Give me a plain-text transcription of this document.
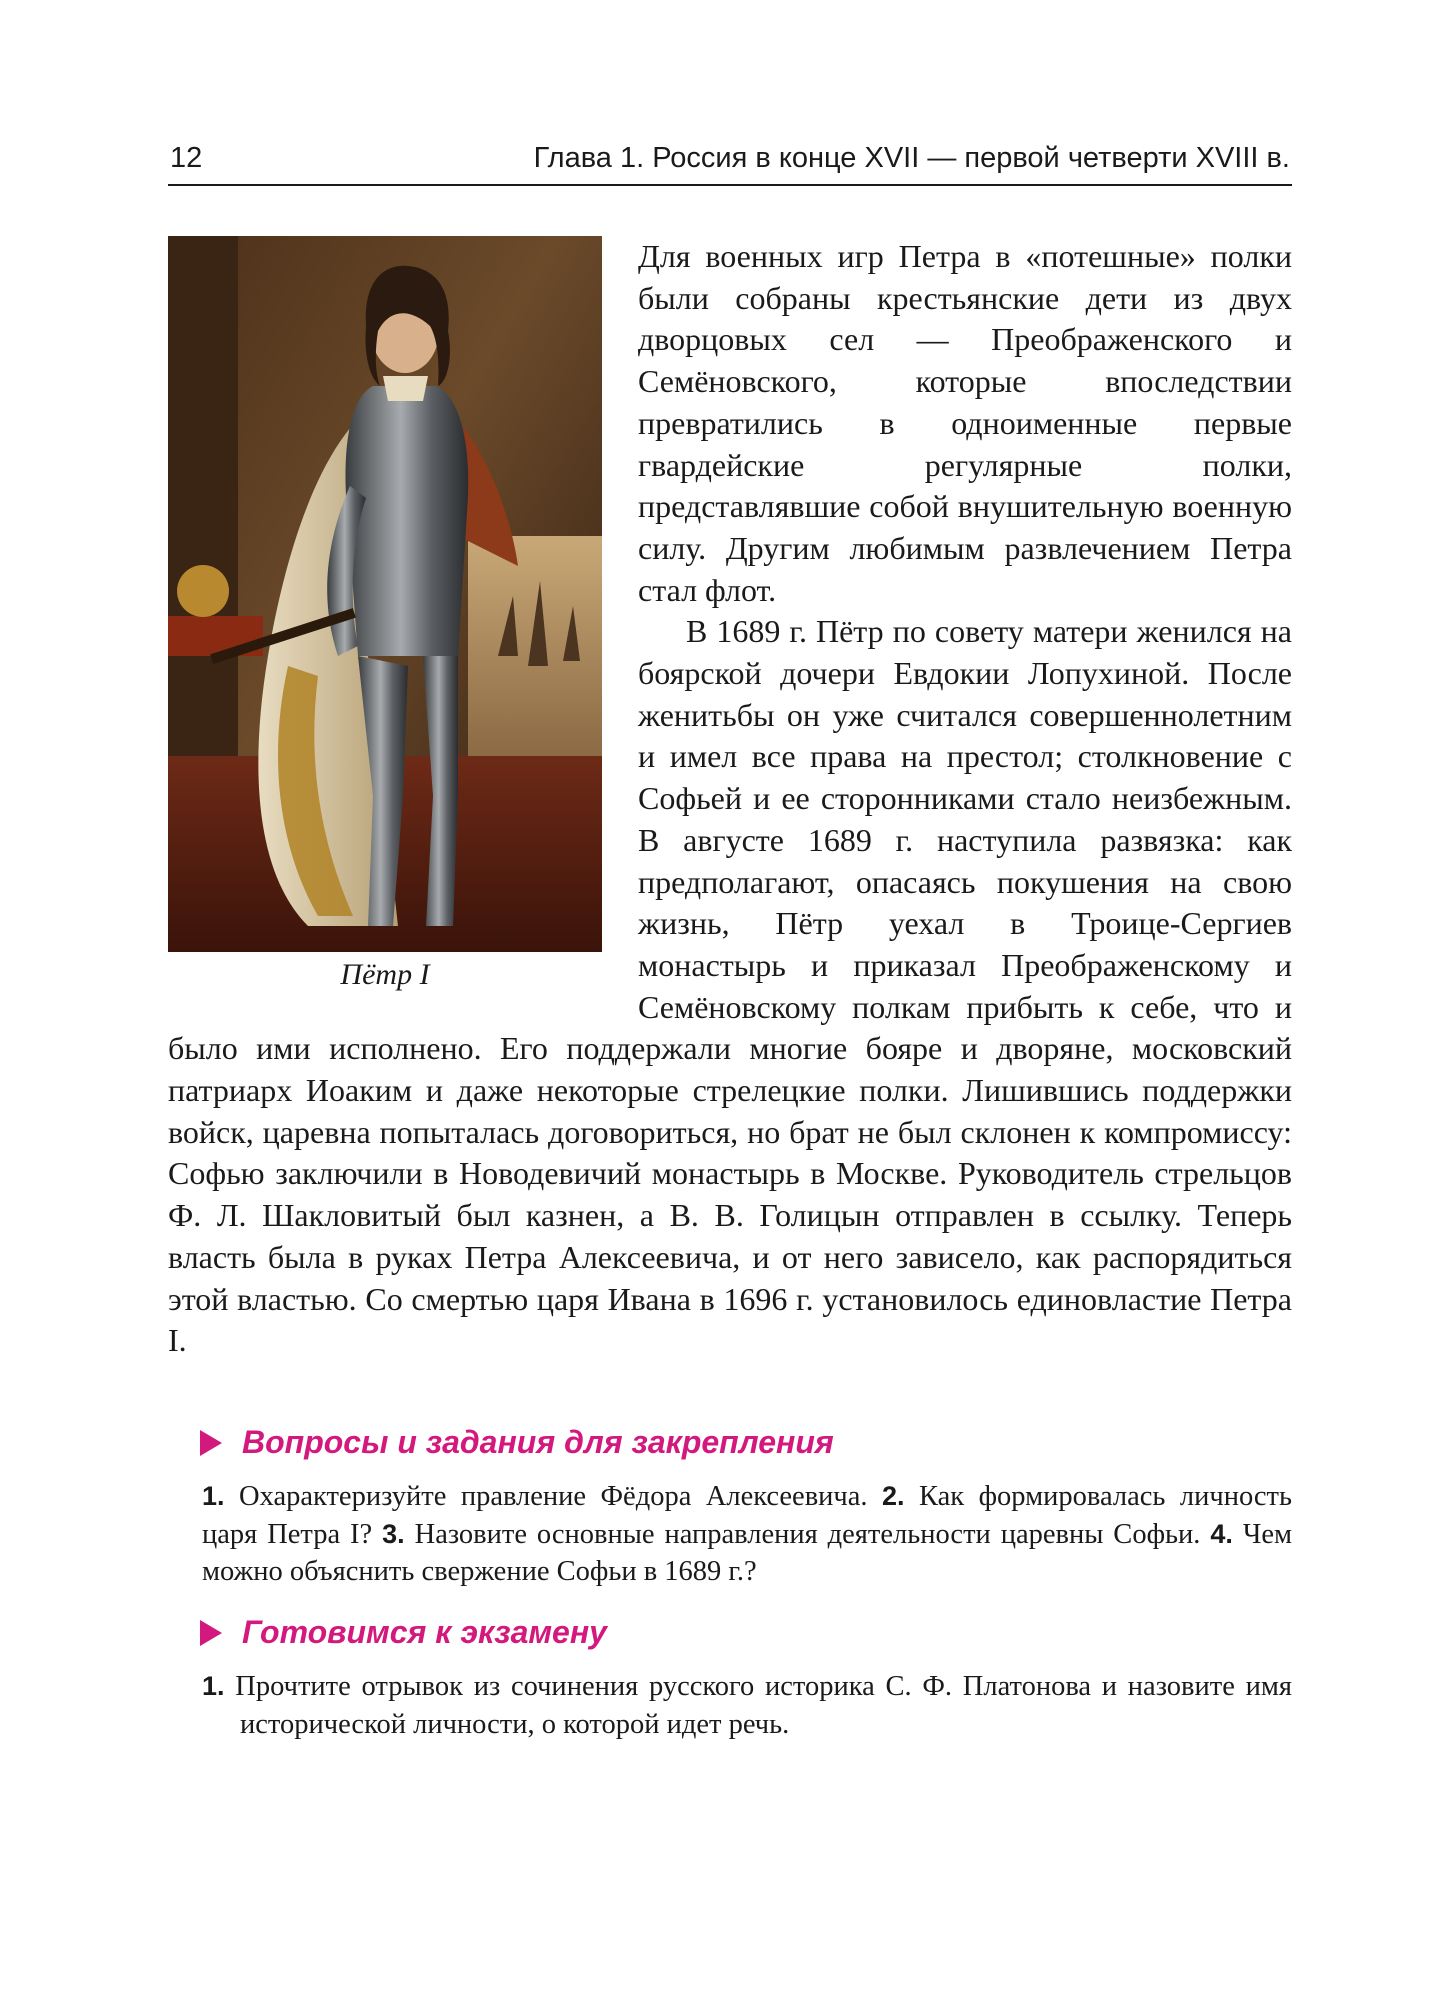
12	Глава 1. Россия в конце XVII — первой четверти XVIII в.
Пётр I

Для военных игр Петра в «потешные» полки были собраны крестьянские дети из двух дворцовых сел — Преображенского и Семёновского, которые впоследствии превратились в одноименные первые гвардейские регулярные полки, представлявшие собой внушительную военную силу. Другим любимым развлечением Петра стал флот.

В 1689 г. Пётр по совету матери женился на боярской дочери Евдокии Лопухиной. После женитьбы он уже считался совершеннолетним и имел все права на престол; столкновение с Софьей и ее сторонниками стало неизбежным. В августе 1689 г. наступила развязка: как предполагают, опасаясь покушения на свою жизнь, Пётр уехал в Троице-Сергиев монастырь и приказал Преображенскому и Семёновскому полкам прибыть к себе, что и было ими исполнено. Его поддержали многие бояре и дворяне, московский патриарх Иоаким и даже некоторые стрелецкие полки. Лишившись поддержки войск, царевна попыталась договориться, но брат не был склонен к компромиссу: Софью заключили в Новодевичий монастырь в Москве. Руководитель стрельцов Ф. Л. Шакловитый был казнен, а В. В. Голицын отправлен в ссылку. Теперь власть была в руках Петра Алексеевича, и от него зависело, как распорядиться этой властью. Со смертью царя Ивана в 1696 г. установилось единовластие Петра I.

Вопросы и задания для закрепления
1. Охарактеризуйте правление Фёдора Алексеевича. 2. Как формировалась личность царя Петра I? 3. Назовите основные направления деятельности царевны Софьи. 4. Чем можно объяснить свержение Софьи в 1689 г.?
Готовимся к экзамену
1. Прочтите отрывок из сочинения русского историка С. Ф. Платонова и назовите имя исторической личности, о которой идет речь.
